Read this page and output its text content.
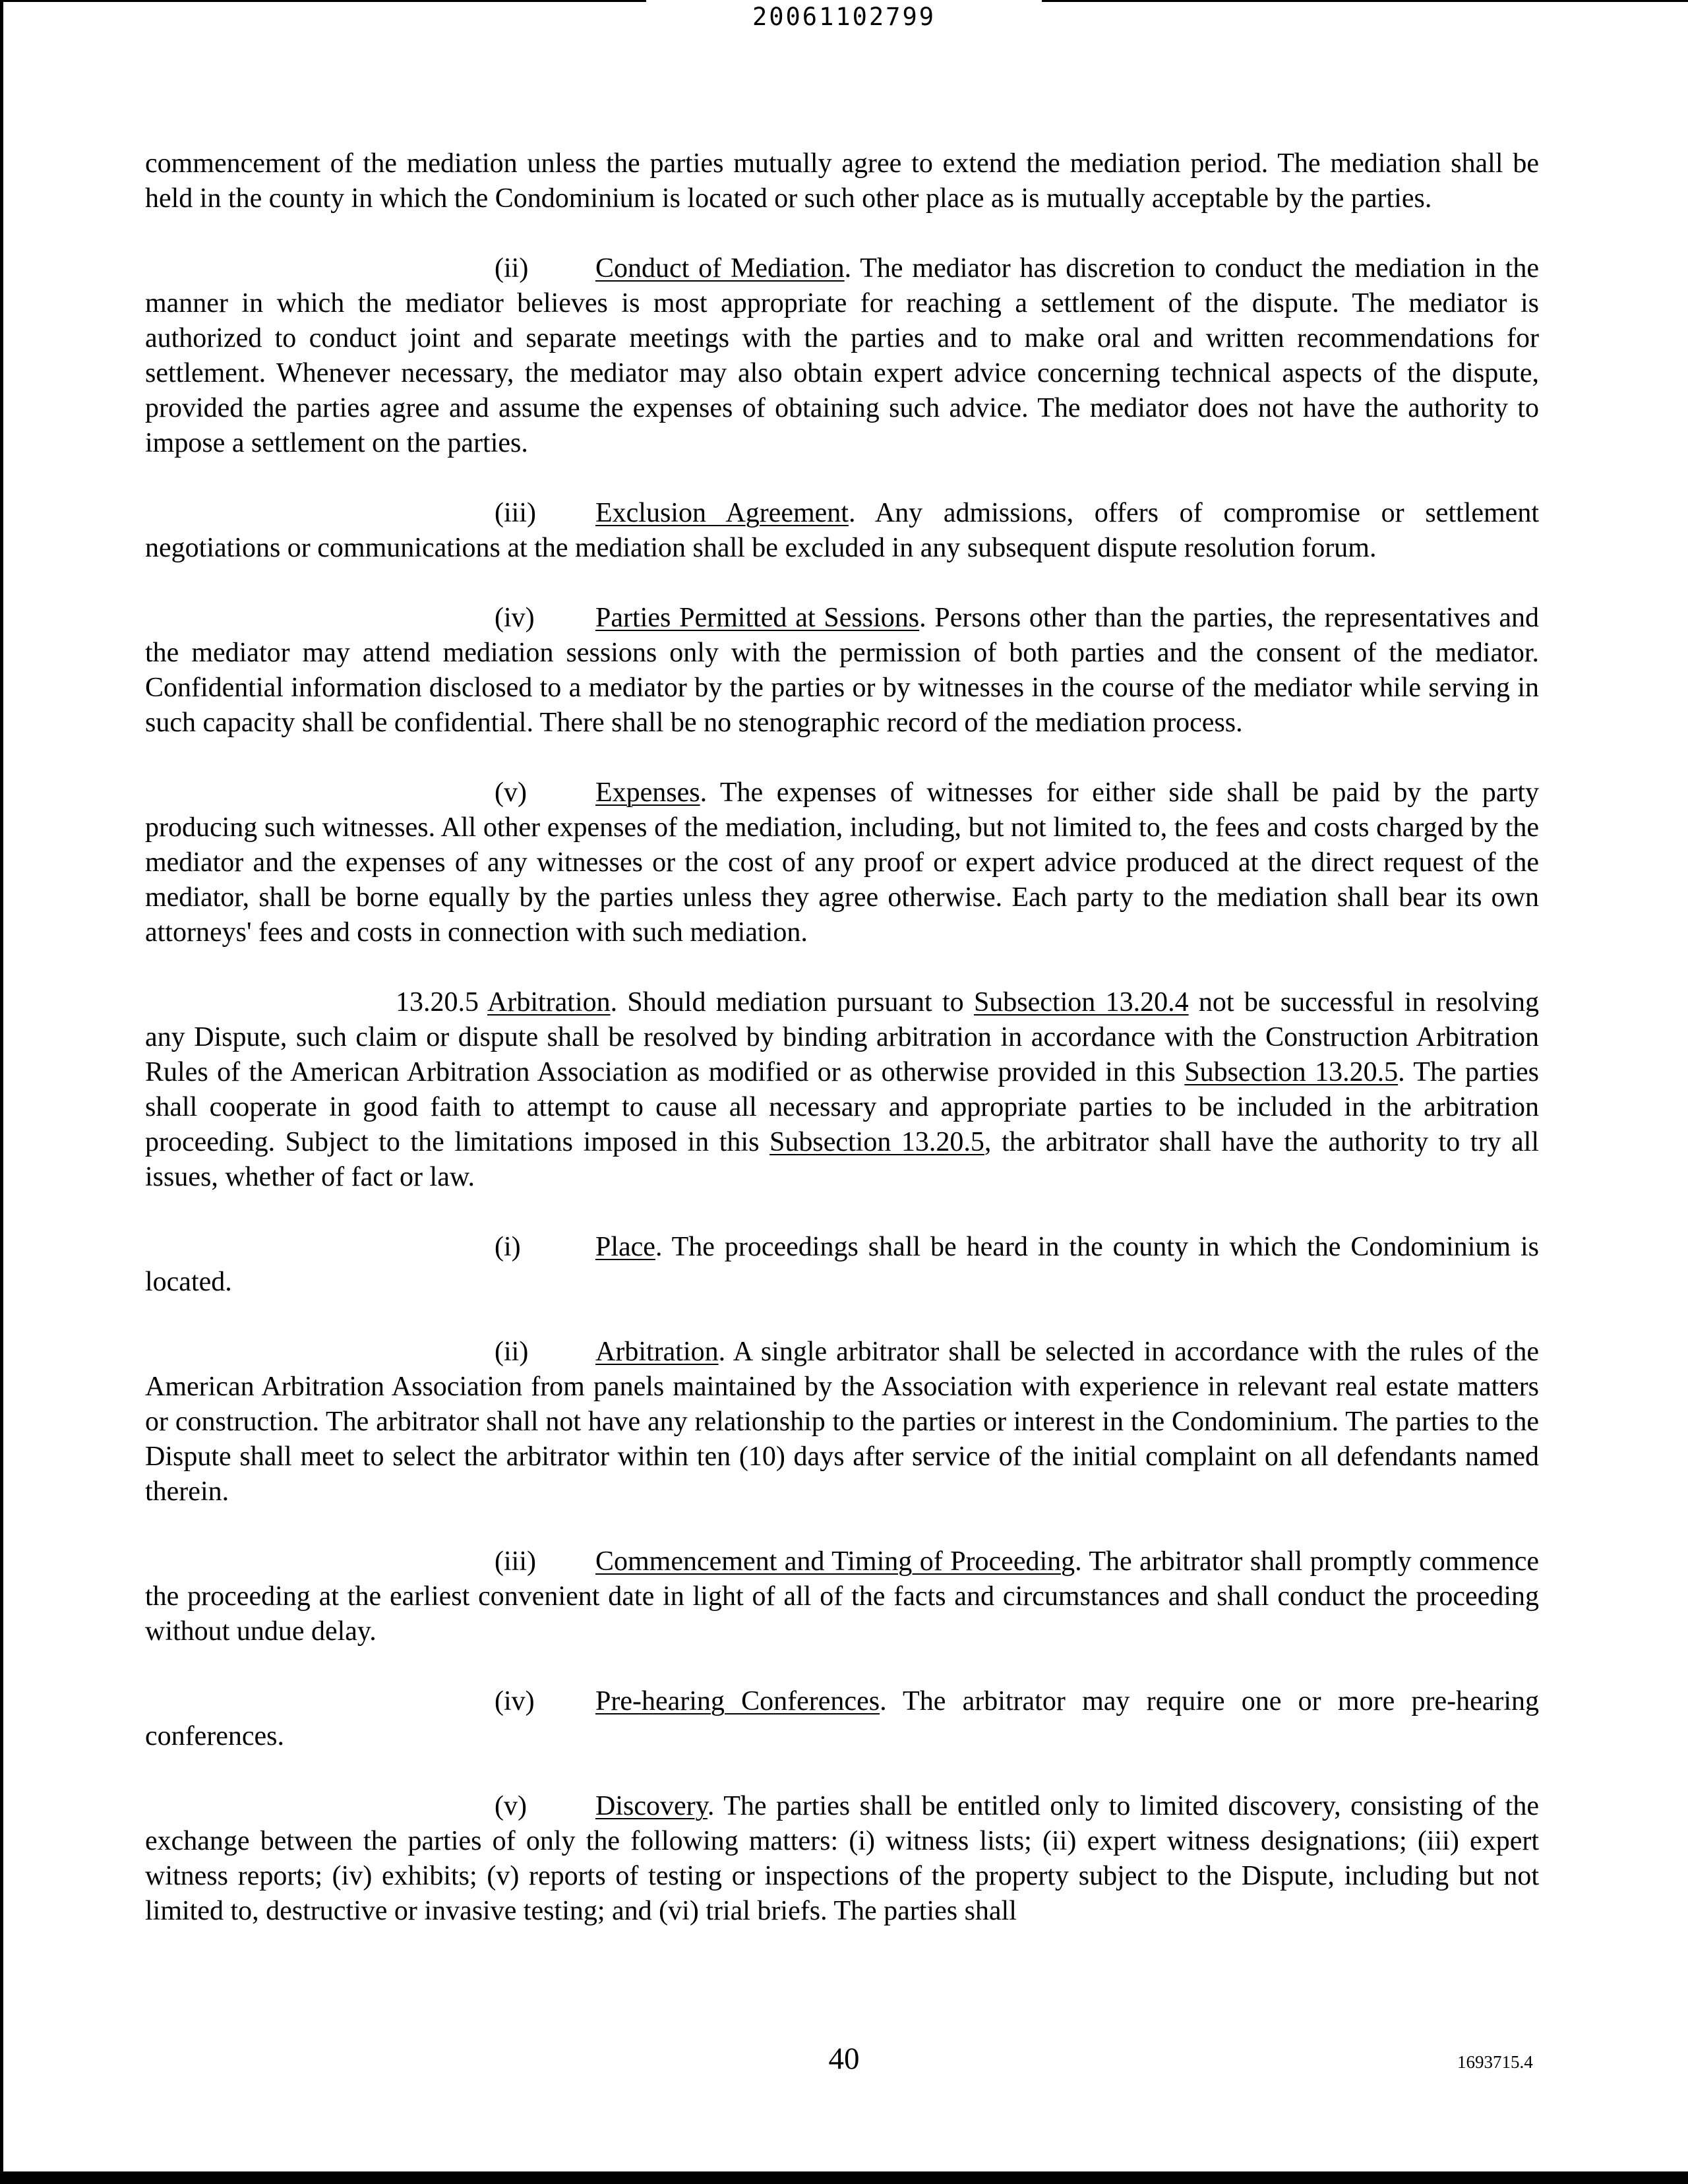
20061102799

commencement of the mediation unless the parties mutually agree to extend the mediation period. The mediation shall be held in the county in which the Condominium is located or such other place as is mutually acceptable by the parties.

(ii) Conduct of Mediation. The mediator has discretion to conduct the mediation in the manner in which the mediator believes is most appropriate for reaching a settlement of the dispute. The mediator is authorized to conduct joint and separate meetings with the parties and to make oral and written recommendations for settlement. Whenever necessary, the mediator may also obtain expert advice concerning technical aspects of the dispute, provided the parties agree and assume the expenses of obtaining such advice. The mediator does not have the authority to impose a settlement on the parties.

(iii) Exclusion Agreement. Any admissions, offers of compromise or settlement negotiations or communications at the mediation shall be excluded in any subsequent dispute resolution forum.

(iv) Parties Permitted at Sessions. Persons other than the parties, the representatives and the mediator may attend mediation sessions only with the permission of both parties and the consent of the mediator. Confidential information disclosed to a mediator by the parties or by witnesses in the course of the mediator while serving in such capacity shall be confidential. There shall be no stenographic record of the mediation process.

(v) Expenses. The expenses of witnesses for either side shall be paid by the party producing such witnesses. All other expenses of the mediation, including, but not limited to, the fees and costs charged by the mediator and the expenses of any witnesses or the cost of any proof or expert advice produced at the direct request of the mediator, shall be borne equally by the parties unless they agree otherwise. Each party to the mediation shall bear its own attorneys' fees and costs in connection with such mediation.

13.20.5 Arbitration. Should mediation pursuant to Subsection 13.20.4 not be successful in resolving any Dispute, such claim or dispute shall be resolved by binding arbitration in accordance with the Construction Arbitration Rules of the American Arbitration Association as modified or as otherwise provided in this Subsection 13.20.5. The parties shall cooperate in good faith to attempt to cause all necessary and appropriate parties to be included in the arbitration proceeding. Subject to the limitations imposed in this Subsection 13.20.5, the arbitrator shall have the authority to try all issues, whether of fact or law.

(i)	Place. The proceedings shall be heard in the county in which the Condominium is located.

(ii) Arbitration. A single arbitrator shall be selected in accordance with the rules of the American Arbitration Association from panels maintained by the Association with experience in relevant real estate matters or construction. The arbitrator shall not have any relationship to the parties or interest in the Condominium. The parties to the Dispute shall meet to select the arbitrator within ten (10) days after service of the initial complaint on all defendants named therein.

(iii) Commencement and Timing of Proceeding. The arbitrator shall promptly commence the proceeding at the earliest convenient date in light of all of the facts and circumstances and shall conduct the proceeding without undue delay.

(iv) Pre-hearing Conferences. The arbitrator may require one or more pre-hearing conferences.

(v) Discovery. The parties shall be entitled only to limited discovery, consisting of the exchange between the parties of only the following matters: (i) witness lists; (ii) expert witness designations; (iii) expert witness reports; (iv) exhibits; (v) reports of testing or inspections of the property subject to the Dispute, including but not limited to, destructive or invasive testing; and (vi) trial briefs. The parties shall

40	1693715.4
